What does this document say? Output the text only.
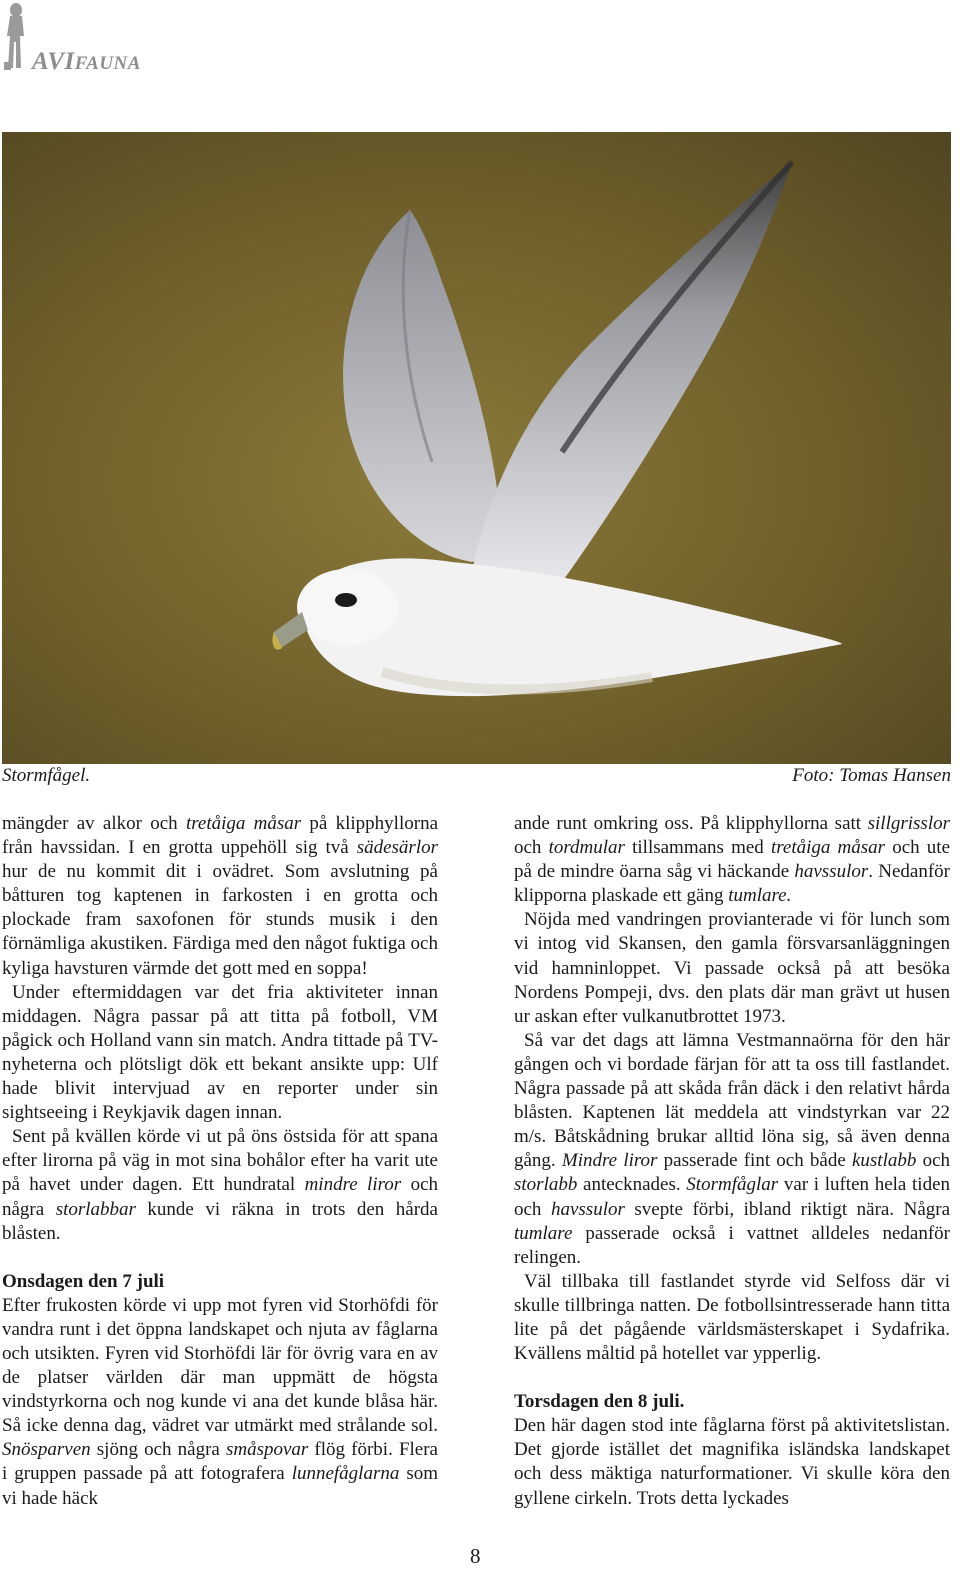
AVIFAUNA
Stormfågel.	Foto: Tomas Hansen

mängder av alkor och tretåiga måsar på klipphyllorna från havssidan. I en grotta uppehöll sig två sädesärlor hur de nu kommit dit i ovädret. Som avslutning på båtturen tog kaptenen in farkosten i en grotta och plockade fram saxofonen för stunds musik i den förnämliga akustiken. Färdiga med den något fuktiga och kyliga havsturen värmde det gott med en soppa!

Under eftermiddagen var det fria aktiviteter innan middagen. Några passar på att titta på fotboll, VM pågick och Holland vann sin match. Andra tittade på TV-nyheterna och plötsligt dök ett bekant ansikte upp: Ulf hade blivit intervjuad av en reporter under sin sightseeing i Reykjavik dagen innan.

Sent på kvällen körde vi ut på öns östsida för att spana efter lirorna på väg in mot sina bohålor efter ha varit ute på havet under dagen. Ett hundratal mindre liror och några storlabbar kunde vi räkna in trots den hårda blåsten.

Onsdagen den 7 juli

Efter frukosten körde vi upp mot fyren vid Storhöfdi för vandra runt i det öppna landskapet och njuta av fåglarna och utsikten. Fyren vid Storhöfdi lär för övrig vara en av de platser världen där man uppmätt de högsta vindstyrkorna och nog kunde vi ana det kunde blåsa här. Så icke denna dag, vädret var utmärkt med strålande sol. Snösparven sjöng och några småspovar flög förbi. Flera i gruppen passade på att fotografera lunnefåglarna som vi hade häck

ande runt omkring oss. På klipphyllorna satt sillgrisslor och tordmular tillsammans med tretåiga måsar och ute på de mindre öarna såg vi häckande havssulor. Nedanför klipporna plaskade ett gäng tumlare.

Nöjda med vandringen provianterade vi för lunch som vi intog vid Skansen, den gamla försvarsanläggningen vid hamninloppet. Vi passade också på att besöka Nordens Pompeji, dvs. den plats där man grävt ut husen ur askan efter vulkanutbrottet 1973.

Så var det dags att lämna Vestmannaörna för den här gången och vi bordade färjan för att ta oss till fastlandet. Några passade på att skåda från däck i den relativt hårda blåsten. Kaptenen lät meddela att vindstyrkan var 22 m/s. Båtskådning brukar alltid löna sig, så även denna gång. Mindre liror passerade fint och både kustlabb och storlabb antecknades. Stormfåglar var i luften hela tiden och havssulor svepte förbi, ibland riktigt nära. Några tumlare passerade också i vattnet alldeles nedanför relingen.

Väl tillbaka till fastlandet styrde vid Selfoss där vi skulle tillbringa natten. De fotbollsintresserade hann titta lite på det pågående världsmästerskapet i Sydafrika. Kvällens måltid på hotellet var ypperlig.

Torsdagen den 8 juli.

Den här dagen stod inte fåglarna först på aktivitetslistan. Det gjorde istället det magnifika isländska landskapet och dess mäktiga naturformationer. Vi skulle köra den gyllene cirkeln. Trots detta lyckades

8
